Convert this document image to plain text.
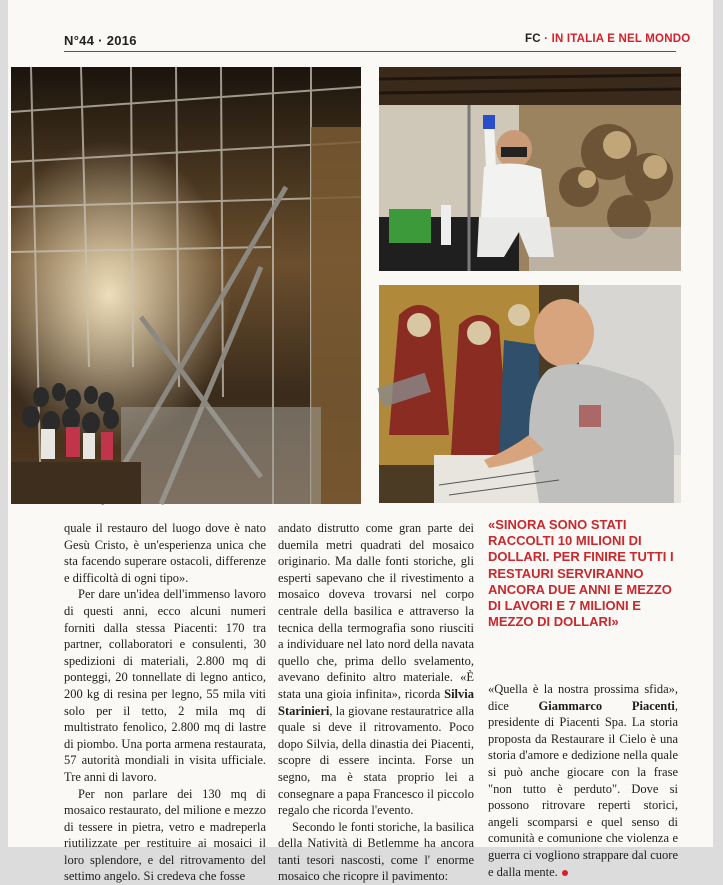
N°44 · 2016	FC · IN ITALIA E NEL MONDO

quale il restauro del luogo dove è nato Gesù Cristo, è un'esperienza unica che sta facendo superare ostacoli, differenze e difficoltà di ogni tipo».

Per dare un'idea dell'immenso lavoro di questi anni, ecco alcuni numeri forniti dalla stessa Piacenti: 170 tra partner, collaboratori e consulenti, 30 spedizioni di materiali, 2.800 mq di ponteggi, 20 tonnellate di legno antico, 200 kg di resina per legno, 55 mila viti solo per il tetto, 2 mila mq di multistrato fenolico, 2.800 mq di lastre di piombo. Una porta armena restaurata, 57 autorità mondiali in visita ufficiale. Tre anni di lavoro.

Per non parlare dei 130 mq di mosaico restaurato, del milione e mezzo di tessere in pietra, vetro e madreperla riutilizzate per restituire ai mosaici il loro splendore, e del ritrovamento del settimo angelo. Si credeva che fosse

andato distrutto come gran parte dei duemila metri quadrati del mosaico originario. Ma dalle fonti storiche, gli esperti sapevano che il rivestimento a mosaico doveva trovarsi nel corpo centrale della basilica e attraverso la tecnica della termografia sono riusciti a individuare nel lato nord della navata quello che, prima dello svelamento, avevano definito altro materiale. «È stata una gioia infinita», ricorda Silvia Starinieri, la giovane restauratrice alla quale si deve il ritrovamento. Poco dopo Silvia, della dinastia dei Piacenti, scopre di essere incinta. Forse un segno, ma è stata proprio lei a consegnare a papa Francesco il piccolo regalo che ricorda l'evento.

Secondo le fonti storiche, la basilica della Natività di Betlemme ha ancora tanti tesori nascosti, come l' enorme mosaico che ricopre il pavimento:

«SINORA SONO STATI RACCOLTI 10 MILIONI DI DOLLARI. PER FINIRE TUTTI I RESTAURI SERVIRANNO ANCORA DUE ANNI E MEZZO DI LAVORI E 7 MILIONI E MEZZO DI DOLLARI»

«Quella è la nostra prossima sfida», dice Giammarco Piacenti, presidente di Piacenti Spa. La storia proposta da Restaurare il Cielo è una storia d'amore e dedizione nella quale si può anche giocare con la frase "non tutto è perduto". Dove si possono ritrovare reperti storici, angeli scomparsi e quel senso di comunità e comunione che violenza e guerra ci vogliono strappare dal cuore e dalla mente.
